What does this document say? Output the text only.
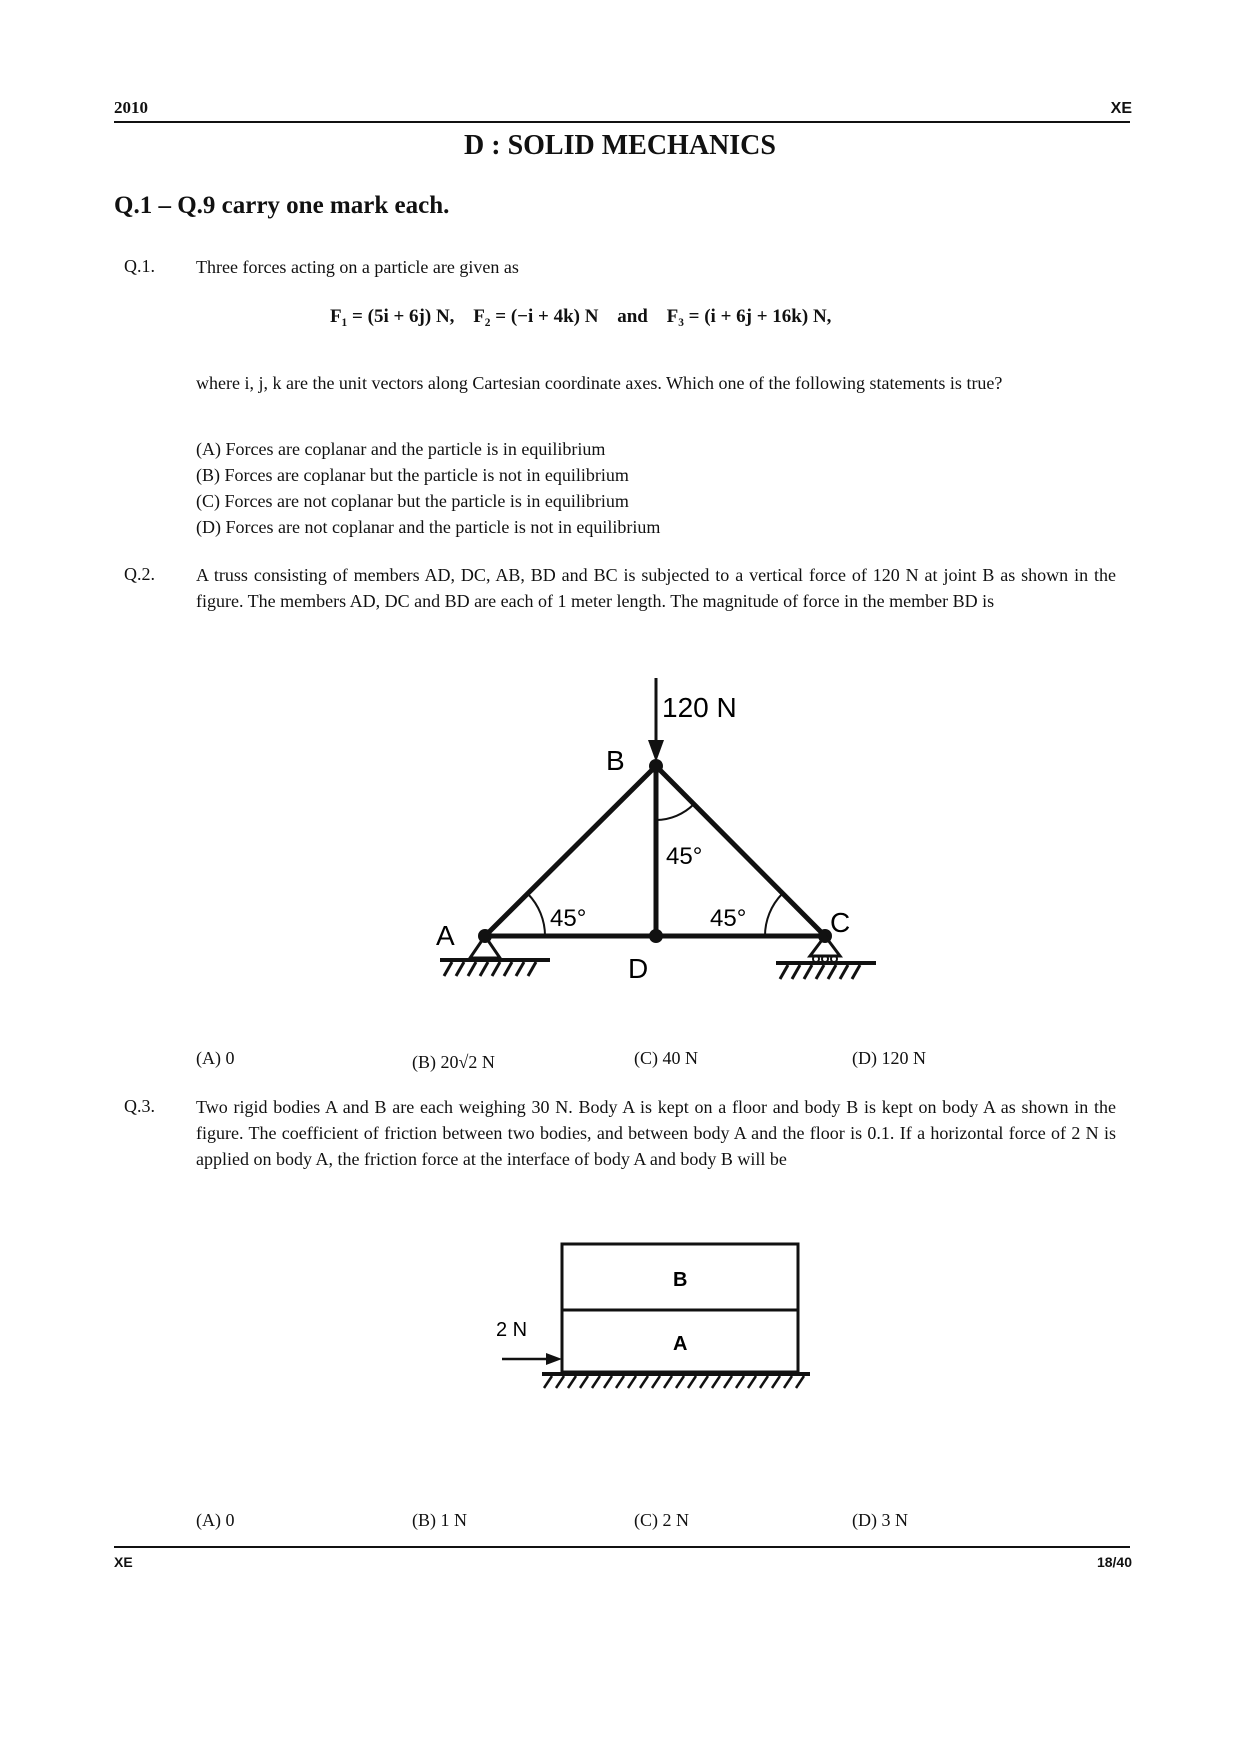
2010	XE
D : SOLID MECHANICS
Q.1 – Q.9 carry one mark each.
Q.1. Three forces acting on a particle are given as
F₁ = (5i + 6j) N, F₂ = (−i + 4k) N and F₃ = (i + 6j + 16k) N,
where i, j, k are the unit vectors along Cartesian coordinate axes. Which one of the following statements is true?
(A) Forces are coplanar and the particle is in equilibrium
(B) Forces are coplanar but the particle is not in equilibrium
(C) Forces are not coplanar but the particle is in equilibrium
(D) Forces are not coplanar and the particle is not in equilibrium
Q.2. A truss consisting of members AD, DC, AB, BD and BC is subjected to a vertical force of 120 N at joint B as shown in the figure. The members AD, DC and BD are each of 1 meter length. The magnitude of force in the member BD is
120 N
B
A	C
D
45°	45°
45°
(A) 0	(B) 20√2 N	(C) 40 N	(D) 120 N
Q.3. Two rigid bodies A and B are each weighing 30 N. Body A is kept on a floor and body B is kept on body A as shown in the figure. The coefficient of friction between two bodies, and between body A and the floor is 0.1. If a horizontal force of 2 N is applied on body A, the friction force at the interface of body A and body B will be
B
A
2 N
(A) 0	(B) 1 N	(C) 2 N	(D) 3 N
XE	18/40
